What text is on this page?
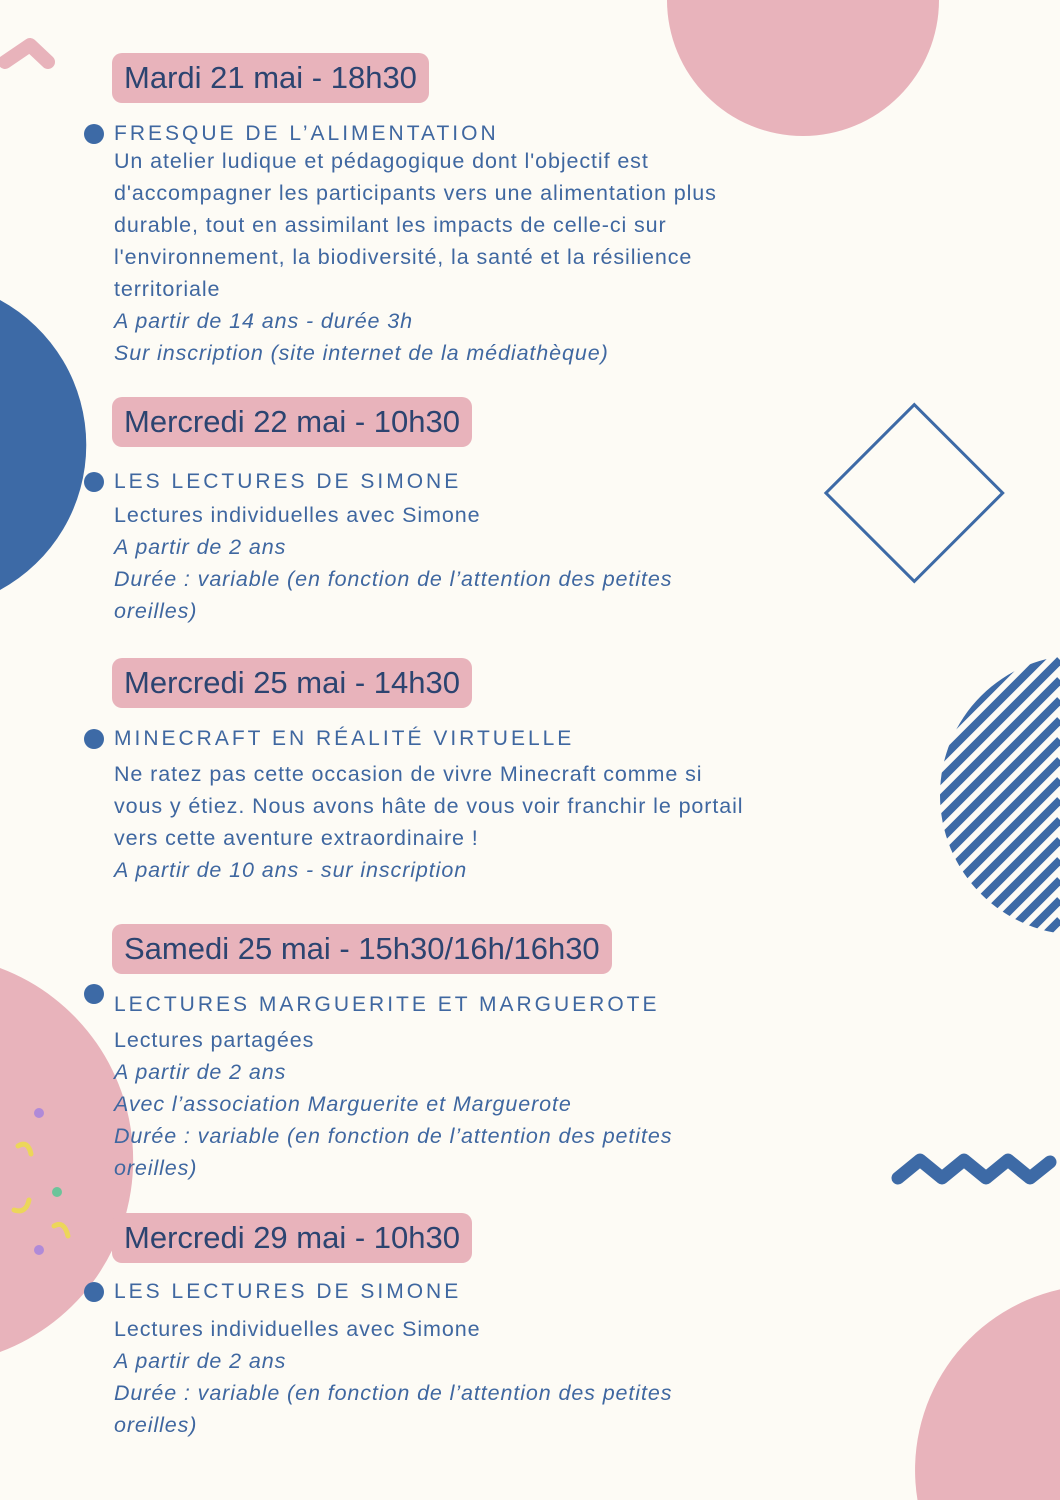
Mardi 21 mai - 18h30
FRESQUE DE L’ALIMENTATION
Un atelier ludique et pédagogique dont l'objectif est
d'accompagner les participants vers une alimentation plus
durable, tout en assimilant les impacts de celle-ci sur
l'environnement, la biodiversité, la santé et la résilience
territoriale
A partir de 14 ans - durée 3h
Sur inscription (site internet de la médiathèque)
Mercredi 22 mai - 10h30
LES LECTURES DE SIMONE
Lectures individuelles avec Simone
A partir de 2 ans
Durée : variable (en fonction de l’attention des petites
oreilles)
Mercredi 25 mai - 14h30
MINECRAFT EN RÉALITÉ VIRTUELLE
Ne ratez pas cette occasion de vivre Minecraft comme si
vous y étiez. Nous avons hâte de vous voir franchir le portail
vers cette aventure extraordinaire !
A partir de 10 ans - sur inscription
Samedi 25 mai - 15h30/16h/16h30
LECTURES MARGUERITE ET MARGUEROTE
Lectures partagées
A partir de 2 ans
Avec l’association Marguerite et Marguerote
Durée : variable (en fonction de l’attention des petites
oreilles)
Mercredi 29 mai - 10h30
LES LECTURES DE SIMONE
Lectures individuelles avec Simone
A partir de 2 ans
Durée : variable (en fonction de l’attention des petites
oreilles)
